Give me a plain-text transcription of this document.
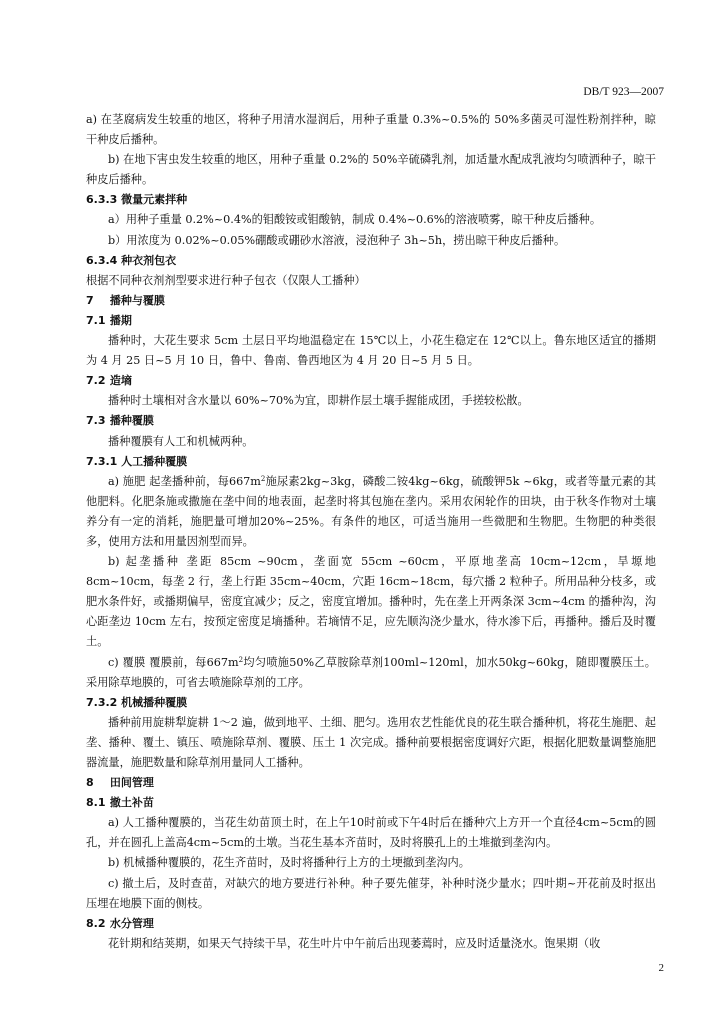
DB/T 923—2007

a) 在茎腐病发生较重的地区，将种子用清水湿润后，用种子重量 0.3%~0.5%的 50%多菌灵可湿性粉剂拌种，晾干种皮后播种。

b) 在地下害虫发生较重的地区，用种子重量 0.2%的 50%辛硫磷乳剂，加适量水配成乳液均匀喷洒种子，晾干种皮后播种。

6.3.3 微量元素拌种

a）用种子重量 0.2%~0.4%的钼酸铵或钼酸钠，制成 0.4%~0.6%的溶液喷雾，晾干种皮后播种。

b）用浓度为 0.02%~0.05%硼酸或硼砂水溶液，浸泡种子 3h~5h，捞出晾干种皮后播种。

6.3.4 种衣剂包衣

根据不同种衣剂剂型要求进行种子包衣（仅限人工播种）

7 播种与覆膜

7.1 播期

播种时，大花生要求 5cm 土层日平均地温稳定在 15℃以上，小花生稳定在 12℃以上。鲁东地区适宜的播期为 4 月 25 日~5 月 10 日，鲁中、鲁南、鲁西地区为 4 月 20 日~5 月 5 日。

7.2 造墒

播种时土壤相对含水量以 60%~70%为宜，即耕作层土壤手握能成团，手搓较松散。

7.3 播种覆膜

播种覆膜有人工和机械两种。

7.3.1 人工播种覆膜

a) 施肥 起垄播种前，每$667m^2$施尿素2kg~3kg，磷酸二铵4kg~6kg，硫酸钾5k ~6kg，或者等量元素的其他肥料。化肥条施或撒施在垄中间的地表面，起垄时将其包施在垄内。采用农闲轮作的田块，由于秋冬作物对土壤养分有一定的消耗，施肥量可增加20%~25%。有条件的地区，可适当施用一些微肥和生物肥。生物肥的种类很多，使用方法和用量因剂型而异。

b) 起垄播种 垄距 85cm ~90cm，垄面宽 55cm ~60cm，平原地垄高 10cm~12cm，旱塬地 8cm~10cm，每垄 2 行，垄上行距 35cm~40cm，穴距 16cm~18cm，每穴播 2 粒种子。所用品种分枝多，或肥水条件好，或播期偏早，密度宜减少；反之，密度宜增加。播种时，先在垄上开两条深 3cm~4cm 的播种沟，沟心距垄边 10cm 左右，按预定密度足墒播种。若墒情不足，应先顺沟浇少量水，待水渗下后，再播种。播后及时覆土。

c) 覆膜 覆膜前，每$667m^2$均匀喷施50%乙草胺除草剂100ml~120ml，加水50kg~60kg，随即覆膜压土。采用除草地膜的，可省去喷施除草剂的工序。

7.3.2 机械播种覆膜

播种前用旋耕犁旋耕 1～2 遍，做到地平、土细、肥匀。选用农艺性能优良的花生联合播种机，将花生施肥、起垄、播种、覆土、镇压、喷施除草剂、覆膜、压土 1 次完成。播种前要根据密度调好穴距，根据化肥数量调整施肥器流量，施肥数量和除草剂用量同人工播种。

8 田间管理

8.1 撤土补苗

a) 人工播种覆膜的，当花生幼苗顶土时，在上午10时前或下午4时后在播种穴上方开一个直径4cm~5cm的圆孔，并在圆孔上盖高4cm~5cm的土墩。当花生基本齐苗时，及时将膜孔上的土堆撤到垄沟内。

b) 机械播种覆膜的，花生齐苗时，及时将播种行上方的土埂撤到垄沟内。

c) 撤土后，及时查苗，对缺穴的地方要进行补种。种子要先催芽，补种时浇少量水；四叶期~开花前及时抠出压埋在地膜下面的侧枝。

8.2 水分管理

花针期和结荚期，如果天气持续干旱，花生叶片中午前后出现萎蔫时，应及时适量浇水。饱果期（收

2
